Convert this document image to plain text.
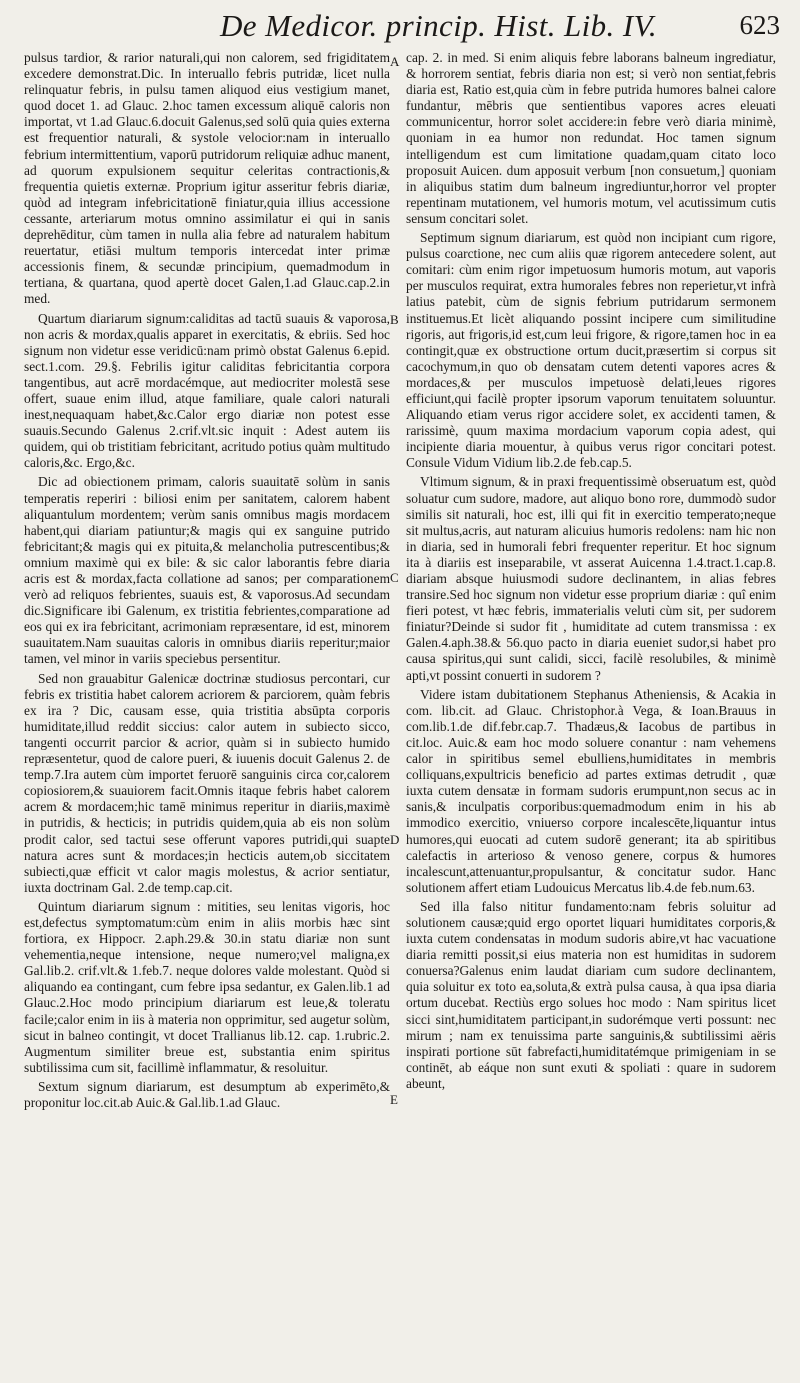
De Medicor. princip. Hist. Lib. IV.	623

pulsus tardior, & rarior naturali,qui non calorem, sed frigiditatem excedere demonstrat.Dic. In interuallo febris putridæ, licet nulla relinquatur febris, in pulsu tamen aliquod eius vestigium manet, quod docet 1. ad Glauc. 2.hoc tamen excessum aliquē caloris non importat, vt 1.ad Glauc.6.docuit Galenus,sed solū quia quies externa est frequentior naturali, & systole velocior:nam in interuallo febrium intermittentium, vaporū putridorum reliquiæ adhuc manent, ad quorum expulsionem sequitur celeritas contractionis,& frequentia quietis externæ. Proprium igitur asseritur febris diariæ, quòd ad integram infebricitationē finiatur,quia illius accessione cessante, arteriarum motus omnino assimilatur ei qui in sanis deprehēditur, cùm tamen in nulla alia febre ad naturalem habitum reuertatur, etiāsi multum temporis intercedat inter primæ accessionis finem, & secundæ principium, quemadmodum in tertiana, & quartana, quod apertè docet Galen,1.ad Glauc.cap.2.in med.

Quartum diariarum signum:caliditas ad tactū suauis & vaporosa, non acris & mordax,qualis apparet in exercitatis, & ebriis. Sed hoc signum non videtur esse veridicū:nam primò obstat Galenus 6.epid. sect.1.com. 29.§. Febrilis igitur caliditas febricitantia corpora tangentibus, aut acrē mordacémque, aut mediocriter molestā sese offert, suaue enim illud, atque familiare, quale calori naturali inest,nequaquam habet,&c.Calor ergo diariæ non potest esse suauis.Secundo Galenus 2.crif.vlt.sic inquit : Adest autem iis quidem, qui ob tristitiam febricitant, acritudo potius quàm multitudo caloris,&c. Ergo,&c.

Dic ad obiectionem primam, caloris suauitatē solùm in sanis temperatis reperiri : biliosi enim per sanitatem, calorem habent aliquantulum mordentem; verùm sanis omnibus magis mordacem habent,qui diariam patiuntur;& magis qui ex sanguine putrido febricitant;& magis qui ex pituita,& melancholia putrescentibus;& omnium maximè qui ex bile: & sic calor laborantis febre diaria acris est & mordax,facta collatione ad sanos; per comparationem verò ad reliquos febrientes, suauis est, & vaporosus.Ad secundam dic.Significare ibi Galenum, ex tristitia febrientes,comparatione ad eos qui ex ira febricitant, acrimoniam repræsentare, id est, minorem suauitatem.Nam suauitas caloris in omnibus diariis reperitur;maior tamen, vel minor in variis speciebus persentitur.

Sed non grauabitur Galenicæ doctrinæ studiosus percontari, cur febris ex tristitia habet calorem acriorem & parciorem, quàm febris ex ira ? Dic, causam esse, quia tristitia absūpta corporis humiditate,illud reddit siccius: calor autem in subiecto sicco, tangenti occurrit parcior & acrior, quàm si in subiecto humido repræsentetur, quod de calore pueri, & iuuenis docuit Galenus 2. de temp.7.Ira autem cùm importet feruorē sanguinis circa cor,calorem copiosiorem,& suauiorem facit.Omnis itaque febris habet calorem acrem & mordacem;hic tamē minimus reperitur in diariis,maximè in putridis, & hecticis; in putridis quidem,quia ab eis non solùm prodit calor, sed tactui sese offerunt vapores putridi,qui suapte natura acres sunt & mordaces;in hecticis autem,ob siccitatem subiecti,quæ efficit vt calor magis molestus, & acrior sentiatur, iuxta doctrinam Gal. 2.de temp.cap.cit.

Quintum diariarum signum : mitities, seu lenitas vigoris, hoc est,defectus symptomatum:cùm enim in aliis morbis hæc sint fortiora, ex Hippocr. 2.aph.29.& 30.in statu diariæ non sunt vehementia,neque intensione, neque numero;vel maligna,ex Gal.lib.2. crif.vlt.& 1.feb.7. neque dolores valde molestant. Quòd si aliquando ea contingant, cum febre ipsa sedantur, ex Galen.lib.1 ad Glauc.2.Hoc modo principium diariarum est leue,& toleratu facile;calor enim in iis à materia non opprimitur, sed augetur solùm, sicut in balneo contingit, vt docet Trallianus lib.12. cap. 1.rubric.2. Augmentum similiter breue est, substantia enim spiritus subtilissima cum sit, facillimè inflammatur, & resoluitur.

Sextum signum diariarum, est desumptum ab experimēto,& proponitur loc.cit.ab Auic.& Gal.lib.1.ad Glauc.

A
B
C
D
E

cap. 2. in med. Si enim aliquis febre laborans balneum ingrediatur, & horrorem sentiat, febris diaria non est; si verò non sentiat,febris diaria est, Ratio est,quia cùm in febre putrida humores balnei calore fundantur, mēbris que sentientibus vapores acres eleuati communicentur, horror solet accidere:in febre verò diaria minimè, quoniam in ea humor non redundat. Hoc tamen signum intelligendum est cum limitatione quadam,quam citato loco proposuit Auicen. dum apposuit verbum [non consuetum,] quoniam in aliquibus statim dum balneum ingrediuntur,horror vel propter repentinam mutationem, vel humoris motum, vel acutissimum cutis sensum concitari solet.

Septimum signum diariarum, est quòd non incipiant cum rigore, pulsus coarctione, nec cum aliis quæ rigorem antecedere solent, aut comitari: cùm enim rigor impetuosum humoris motum, aut vaporis per musculos requirat, extra humorales febres non reperietur,vt infrà latius patebit, cùm de signis febrium putridarum sermonem instituemus.Et licèt aliquando possint incipere cum similitudine rigoris, aut frigoris,id est,cum leui frigore, & rigore,tamen hoc in ea contingit,quæ ex obstructione ortum ducit,præsertim si corpus sit cacochymum,in quo ob densatam cutem detenti vapores acres & mordaces,& per musculos impetuosè delati,leues rigores efficiunt,qui facilè propter ipsorum vaporum tenuitatem soluuntur. Aliquando etiam verus rigor accidere solet, ex accidenti tamen, & rarissimè, quum maxima mordacium vaporum copia adest, qui incipiente diaria mouentur, à quibus verus rigor concitari potest. Consule Vidum Vidium lib.2.de feb.cap.5.

Vltimum signum, & in praxi frequentissimè obseruatum est, quòd soluatur cum sudore, madore, aut aliquo bono rore, dummodò sudor similis sit naturali, hoc est, illi qui fit in exercitio temperato;neque sit multus,acris, aut naturam alicuius humoris redolens: nam hic non in diaria, sed in humorali febri frequenter reperitur. Et hoc signum ita à diariis est inseparabile, vt asserat Auicenna 1.4.tract.1.cap.8. diariam absque huiusmodi sudore declinantem, in alias febres transire.Sed hoc signum non videtur esse proprium diariæ : quî enim fieri potest, vt hæc febris, immaterialis veluti cùm sit, per sudorem finiatur?Deinde si sudor fit , humiditate ad cutem transmissa : ex Galen.4.aph.38.& 56.quo pacto in diaria eueniet sudor,si habet pro causa spiritus,qui sunt calidi, sicci, facilè resolubiles, & minimè apti,vt possint conuerti in sudorem ?

Videre istam dubitationem Stephanus Atheniensis, & Acakia in com. lib.cit. ad Glauc. Christophor.à Vega, & Ioan.Brauus in com.lib.1.de dif.febr.cap.7. Thadæus,& Iacobus de partibus in cit.loc. Auic.& eam hoc modo soluere conantur : nam vehemens calor in spiritibus semel ebulliens,humiditates in membris colliquans,expultricis beneficio ad partes extimas detrudit , quæ iuxta cutem densatæ in formam sudoris erumpunt,non secus ac in sanis,& inculpatis corporibus:quemadmodum enim in his ab immodico exercitio, vniuerso corpore incalescēte,liquantur intus humores,qui euocati ad cutem sudorē generant; ita ab spiritibus calefactis in arterioso & venoso genere, corpus & humores incalescunt,attenuantur,propulsantur, & concitatur sudor. Hanc solutionem affert etiam Ludouicus Mercatus lib.4.de feb.num.63.

Sed illa falso nititur fundamento:nam febris soluitur ad solutionem causæ;quid ergo oportet liquari humiditates corporis,& iuxta cutem condensatas in modum sudoris abire,vt hac vacuatione diaria remitti possit,si eius materia non est humiditas in sudorem conuersa?Galenus enim laudat diariam cum sudore declinantem, quia soluitur ex toto ea,soluta,& extrà pulsa causa, à qua ipsa diaria ortum ducebat. Rectiùs ergo solues hoc modo : Nam spiritus licet sicci sint,humiditatem participant,in sudorémque verti possunt: nec mirum ; nam ex tenuissima parte sanguinis,& subtilissimi aëris inspirati portione sūt fabrefacti,humiditatémque primigeniam in se continēt, ab eáque non sunt exuti & spoliati : quare in sudorem abeunt,
